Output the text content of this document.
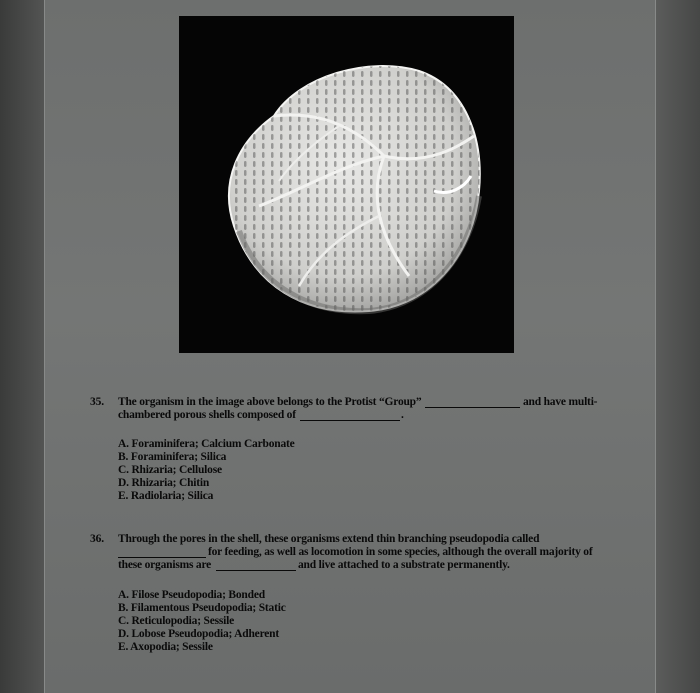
35. The organism in the image above belongs to the Protist “Group”	and have multi-
chambered porous shells composed of	.
A. Foraminifera; Calcium Carbonate
B. Foraminifera; Silica
C. Rhizaria; Cellulose
D. Rhizaria; Chitin
E. Radiolaria; Silica
36. Through the pores in the shell, these organisms extend thin branching pseudopodia called
for feeding, as well as locomotion in some species, although the overall majority of
these organisms are	and live attached to a substrate permanently.
A. Filose Pseudopodia; Bonded
B. Filamentous Pseudopodia; Static
C. Reticulopodia; Sessile
D. Lobose Pseudopodia; Adherent
E. Axopodia; Sessile
